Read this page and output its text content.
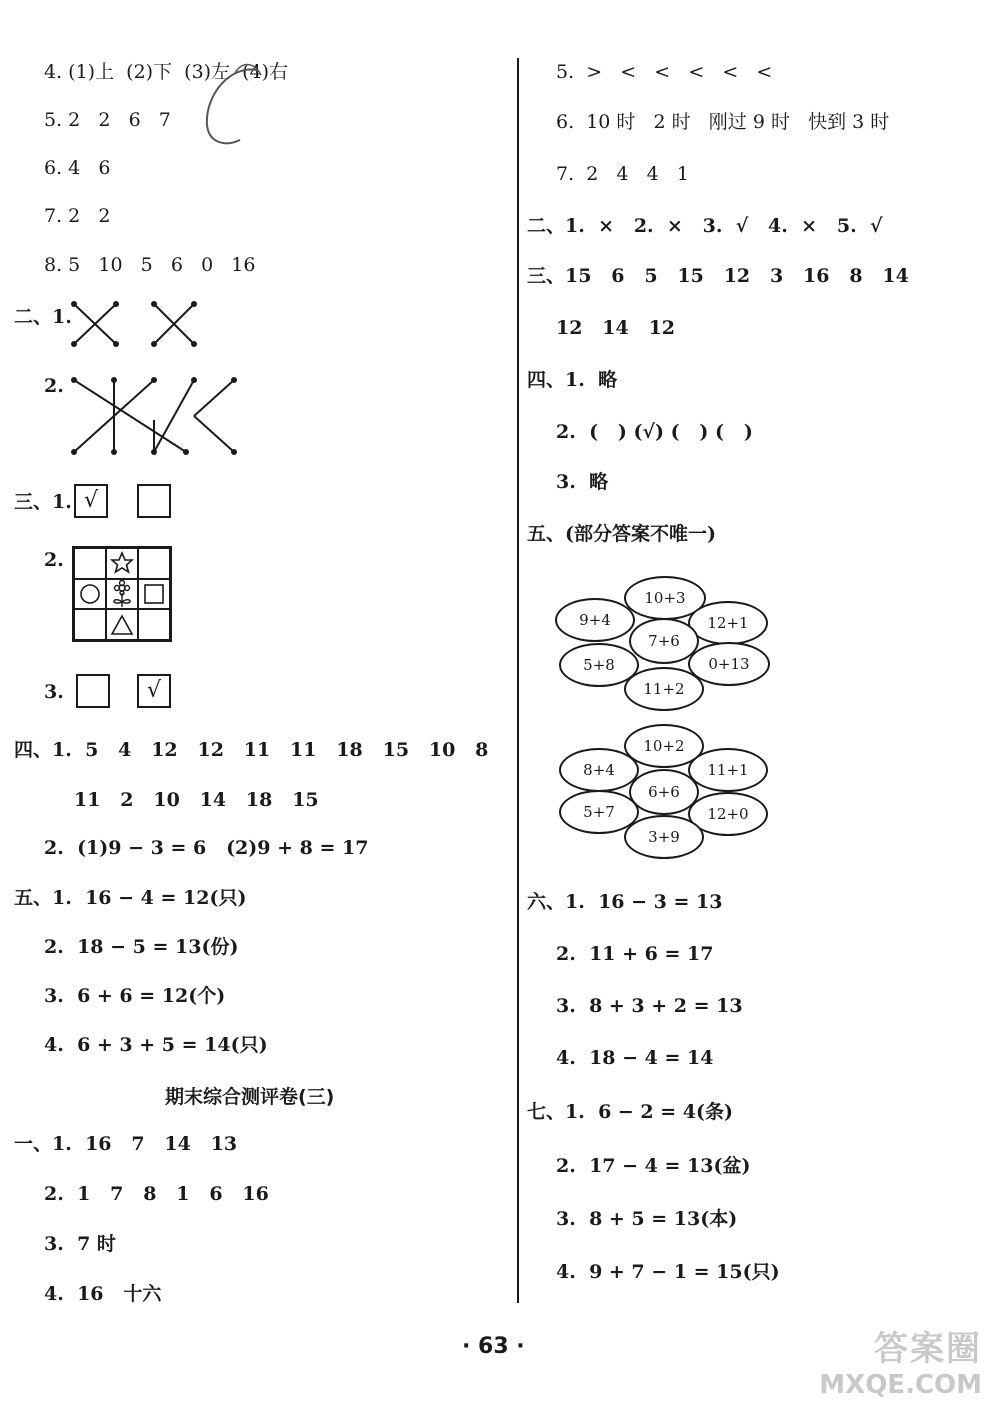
4. (1)上  (2)下  (3)左  (4)右
5. 2   2   6   7
6. 4   6
7. 2   2
8. 5   10   5   6   0   16
二、1.
2.
三、1. √
2.
3.	√
四、1.  5   4   12   12   11   11   18   15   10   8
11   2   10   14   18   15
2.  (1)9 − 3 = 6   (2)9 + 8 = 17
五、1.  16 − 4 = 12(只)
2.  18 − 5 = 13(份)
3.  6 + 6 = 12(个)
4.  6 + 3 + 5 = 14(只)
期末综合测评卷(三)
一、1.  16   7   14   13
2.  1   7   8   1   6   16
3.  7 时
4.  16   十六
5.  >   <   <   <   <   <
6.  10 时   2 时   刚过 9 时   快到 3 时
7.  2   4   4   1
二、1.  ×   2.  ×   3.  √   4.  ×   5.  √
三、15   6   5   15   12   3   16   8   14
12   14   12
四、1.  略
2.  (   ) (√) (   ) (   )
3.  略
五、(部分答案不唯一)
10+3
9+4	12+1
5+8	0+13
11+2
7+6
10+2
8+4	11+1
5+7	12+0
3+9
6+6
六、1.  16 − 3 = 13
2.  11 + 6 = 17
3.  8 + 3 + 2 = 13
4.  18 − 4 = 14
七、1.  6 − 2 = 4(条)
2.  17 − 4 = 13(盆)
3.  8 + 5 = 13(本)
4.  9 + 7 − 1 = 15(只)
· 63 ·	答案圈
MXQE.COM
